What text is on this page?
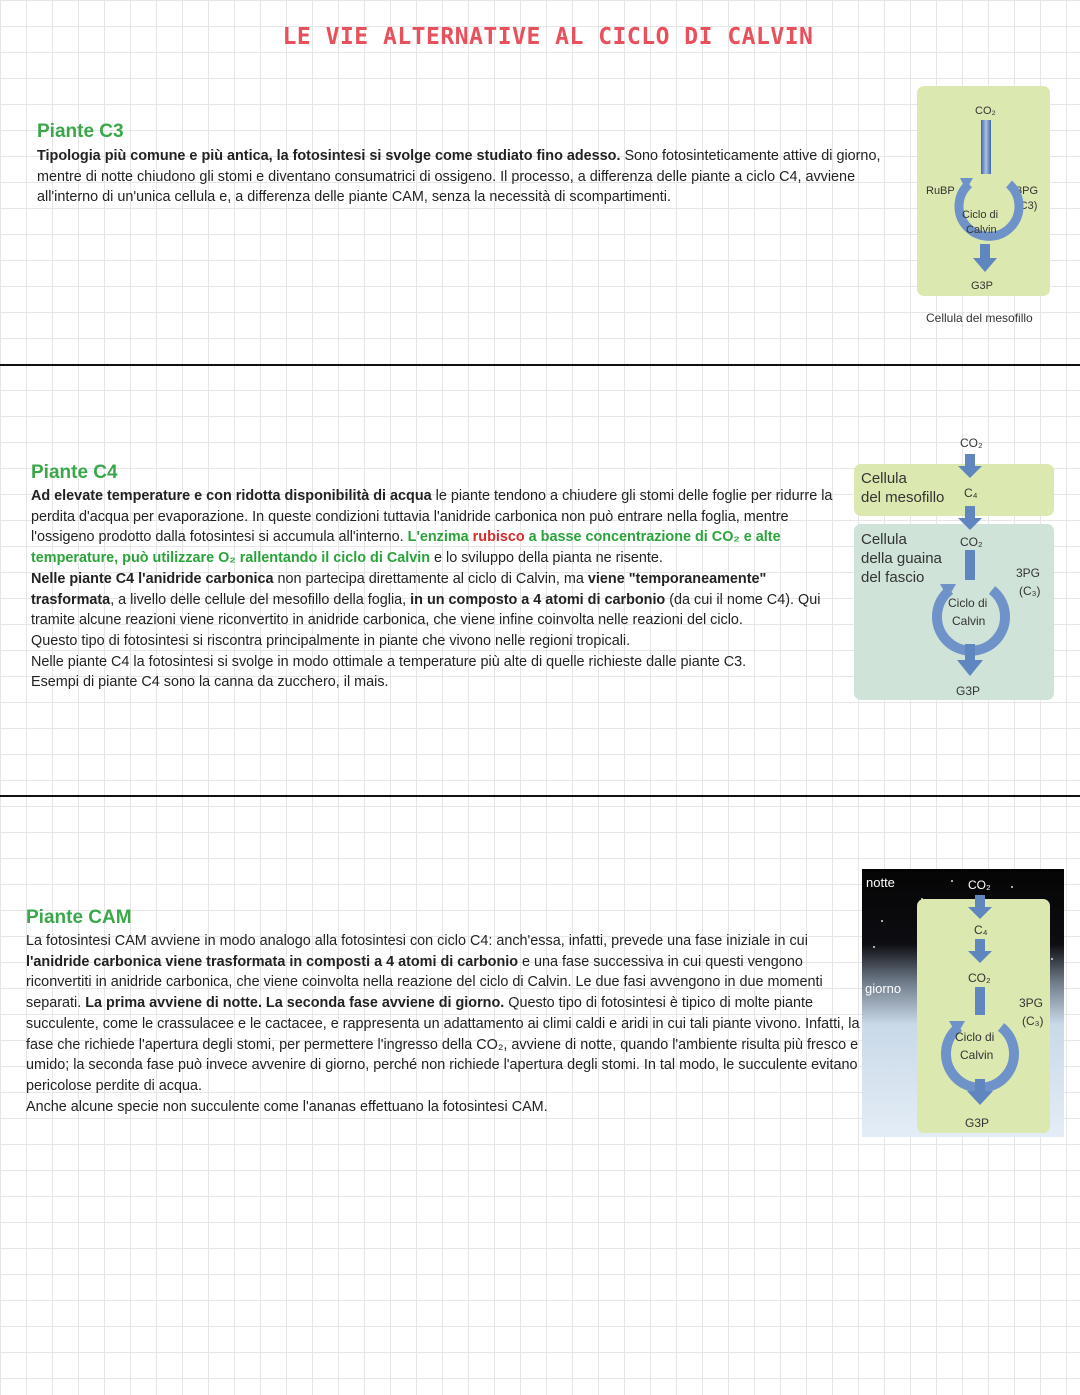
LE VIE ALTERNATIVE AL CICLO DI CALVIN
Piante C3
Tipologia più comune e più antica, la fotosintesi si svolge come studiato fino adesso. Sono fotosinteticamente attive di giorno, mentre di notte chiudono gli stomi e diventano consumatrici di ossigeno. Il processo, a differenza delle piante a ciclo C4, avviene all'interno di un'unica cellula e, a differenza delle piante CAM, senza la necessità di scompartimenti.
CO₂
RuBP	3PG
(C3)
Ciclo di
Calvin
G3P
Cellula del mesofillo
Piante C4
Ad elevate temperature e con ridotta disponibilità di acqua le piante tendono a chiudere gli stomi delle foglie per ridurre la perdita d'acqua per evaporazione. In queste condizioni tuttavia l'anidride carbonica non può entrare nella foglia, mentre l'ossigeno prodotto dalla fotosintesi si accumula all'interno. L'enzima rubisco a basse concentrazione di CO₂ e alte temperature, può utilizzare O₂ rallentando il ciclo di Calvin e lo sviluppo della pianta ne risente.
Nelle piante C4 l'anidride carbonica non partecipa direttamente al ciclo di Calvin, ma viene "temporaneamente" trasformata, a livello delle cellule del mesofillo della foglia, in un composto a 4 atomi di carbonio (da cui il nome C4). Qui tramite alcune reazioni viene riconvertito in anidride carbonica, che viene infine coinvolta nelle reazioni del ciclo.
Questo tipo di fotosintesi si riscontra principalmente in piante che vivono nelle regioni tropicali.
Nelle piante C4 la fotosintesi si svolge in modo ottimale a temperature più alte di quelle richieste dalle piante C3.
Esempi di piante C4 sono la canna da zucchero, il mais.
Cellula
del mesofillo
Cellula
della guaina
del fascio
CO₂
C₄
CO₂
3PG
(C₃)
Ciclo di
Calvin
G3P
Piante CAM
La fotosintesi CAM avviene in modo analogo alla fotosintesi con ciclo C4: anch'essa, infatti, prevede una fase iniziale in cui l'anidride carbonica viene trasformata in composti a 4 atomi di carbonio e una fase successiva in cui questi vengono riconvertiti in anidride carbonica, che viene coinvolta nella reazione del ciclo di Calvin. Le due fasi avvengono in due momenti separati. La prima avviene di notte. La seconda fase avviene di giorno. Questo tipo di fotosintesi è tipico di molte piante succulente, come le crassulacee e le cactacee, e rappresenta un adattamento ai climi caldi e aridi in cui tali piante vivono. Infatti, la fase che richiede l'apertura degli stomi, per permettere l'ingresso della CO₂, avviene di notte, quando l'ambiente risulta più fresco e umido; la seconda fase può invece avvenire di giorno, perché non richiede l'apertura degli stomi. In tal modo, le succulente evitano pericolose perdite di acqua.
Anche alcune specie non succulente come l'ananas effettuano la fotosintesi CAM.
notte
giorno
CO₂
C₄
CO₂
3PG
(C₃)
Ciclo di
Calvin
G3P
